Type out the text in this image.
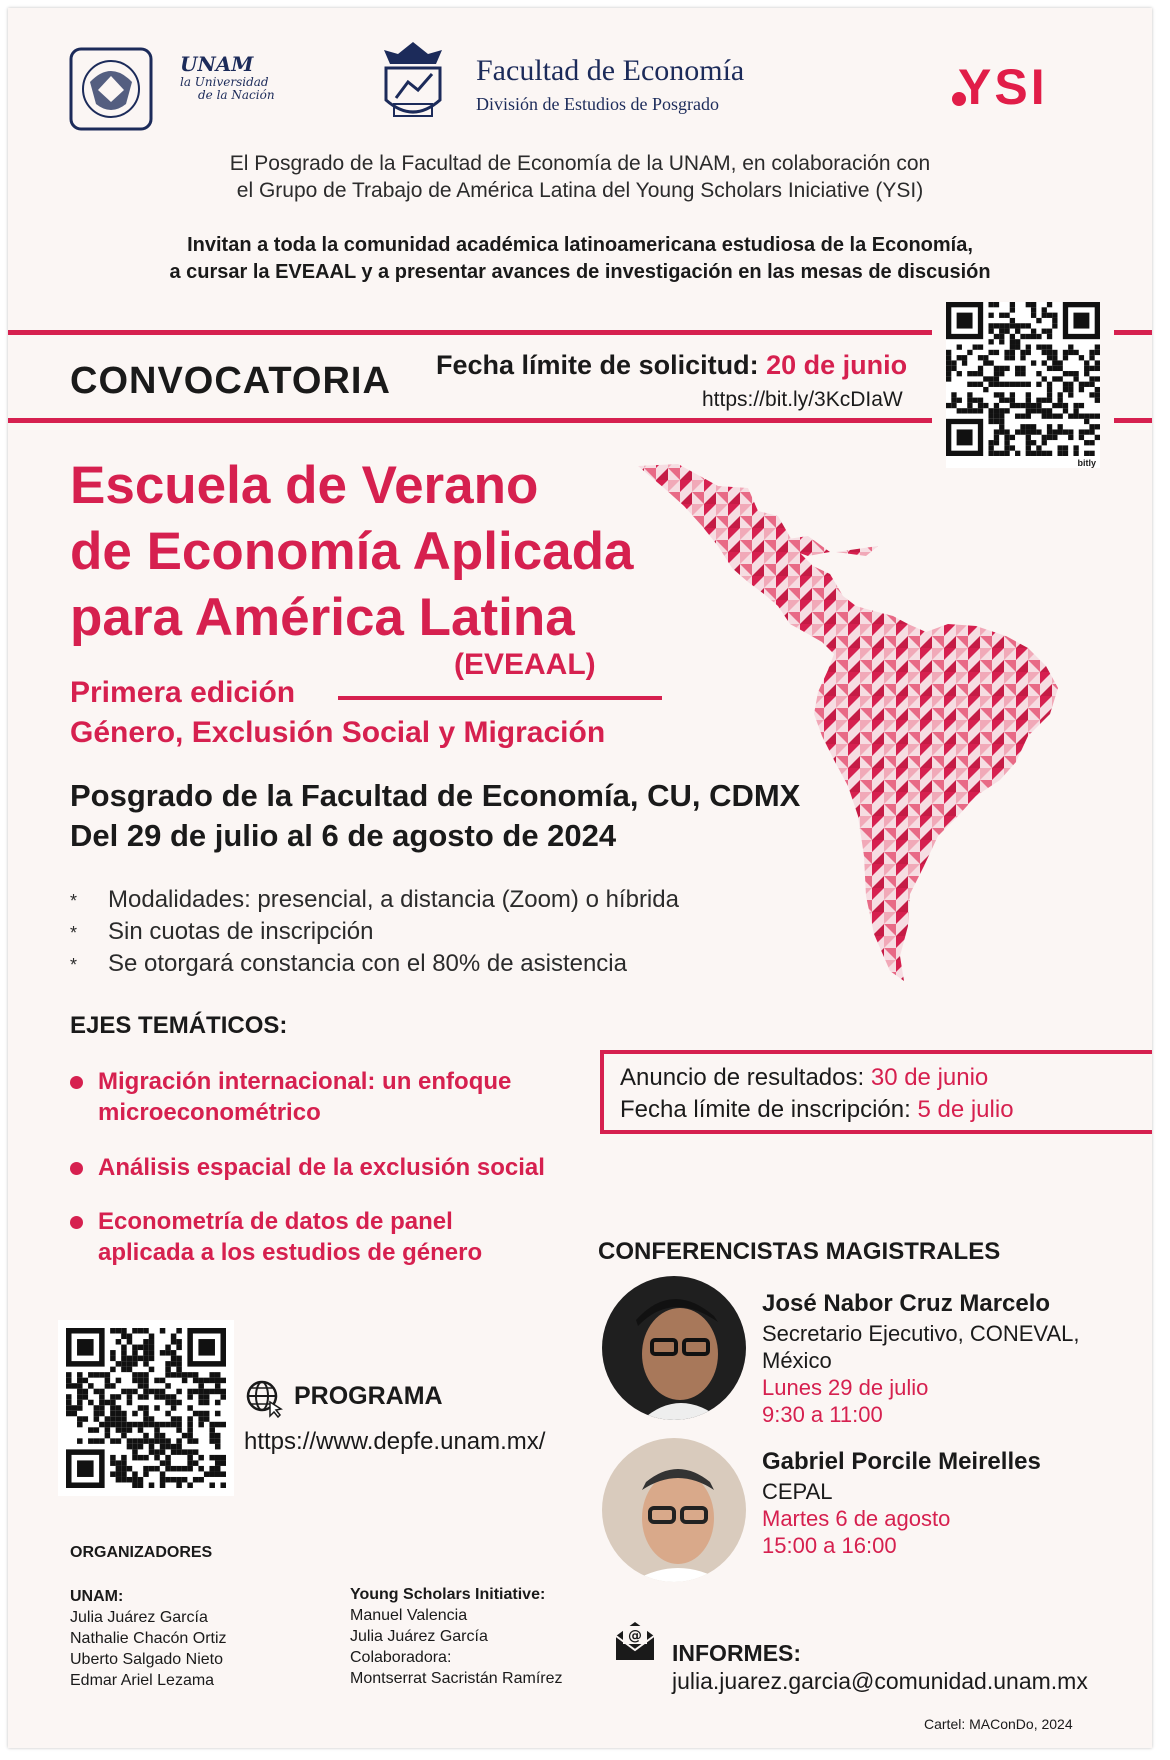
UNAM
la Universidad
de la Nación
Facultad de Economía
División de Estudios de Posgrado	YSI
El Posgrado de la Facultad de Economía de la UNAM, en colaboración con
el Grupo de Trabajo de América Latina del Young Scholars Iniciative (YSI)
Invitan a toda la comunidad académica latinoamericana estudiosa de la Economía,
a cursar la EVEAAL y a presentar avances de investigación en las mesas de discusión
CONVOCATORIA Fecha límite de solicitud: 20 de junio
https://bit.ly/3KcDIaW
bitly
Escuela de Verano
de Economía Aplicada
para América Latina
(EVEAAL)
Primera edición
Género, Exclusión Social y Migración
Posgrado de la Facultad de Economía, CU, CDMX
Del 29 de julio al 6 de agosto de 2024
* Modalidades: presencial, a distancia (Zoom) o híbrida
* Sin cuotas de inscripción
* Se otorgará constancia con el 80% de asistencia
EJES TEMÁTICOS:
Migración internacional: un enfoque
microeconométrico
Análisis espacial de la exclusión social
Econometría de datos de panel
aplicada a los estudios de género
Anuncio de resultados: 30 de junio
Fecha límite de inscripción: 5 de julio
CONFERENCISTAS MAGISTRALES
José Nabor Cruz Marcelo
Secretario Ejecutivo, CONEVAL,
México
Lunes 29 de julio
9:30 a 11:00
Gabriel Porcile Meirelles
CEPAL
Martes 6 de agosto
15:00 a 16:00
PROGRAMA
https://www.depfe.unam.mx/
ORGANIZADORES
UNAM:
Julia Juárez García
Nathalie Chacón Ortiz
Uberto Salgado Nieto
Edmar Ariel Lezama
Young Scholars Initiative:
Manuel Valencia
Julia Juárez García
Colaboradora:
Montserrat Sacristán Ramírez
@
INFORMES:
julia.juarez.garcia@comunidad.unam.mx
Cartel: MAConDo, 2024
